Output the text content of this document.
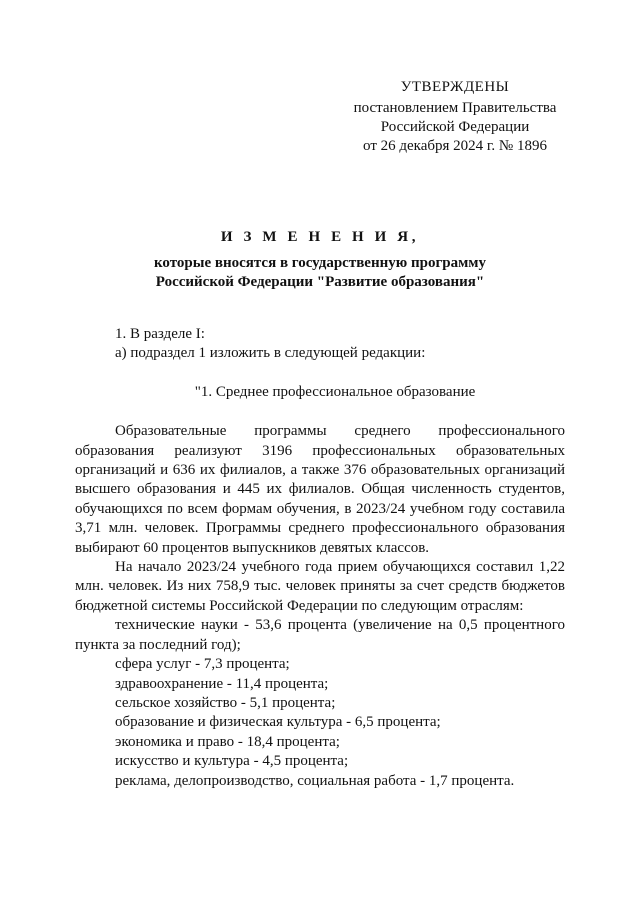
УТВЕРЖДЕНЫ
постановлением Правительства
Российской Федерации
от 26 декабря 2024 г. № 1896
И З М Е Н Е Н И Я,
которые вносятся в государственную программу
Российской Федерации "Развитие образования"

1. В разделе I:

а) подраздел 1 изложить в следующей редакции:

"1. Среднее профессиональное образование

Образовательные программы среднего профессионального образования реализуют 3196 профессиональных образовательных организаций и 636 их филиалов, а также 376 образовательных организаций высшего образования и 445 их филиалов. Общая численность студентов, обучающихся по всем формам обучения, в 2023/24 учебном году составила 3,71 млн. человек. Программы среднего профессионального образования выбирают 60 процентов выпускников девятых классов.

На начало 2023/24 учебного года прием обучающихся составил 1,22 млн. человек. Из них 758,9 тыс. человек приняты за счет средств бюджетов бюджетной системы Российской Федерации по следующим отраслям:

технические науки - 53,6 процента (увеличение на 0,5 процентного пункта за последний год);

сфера услуг - 7,3 процента;

здравоохранение - 11,4 процента;

сельское хозяйство - 5,1 процента;

образование и физическая культура - 6,5 процента;

экономика и право - 18,4 процента;

искусство и культура - 4,5 процента;

реклама, делопроизводство, социальная работа - 1,7 процента.
